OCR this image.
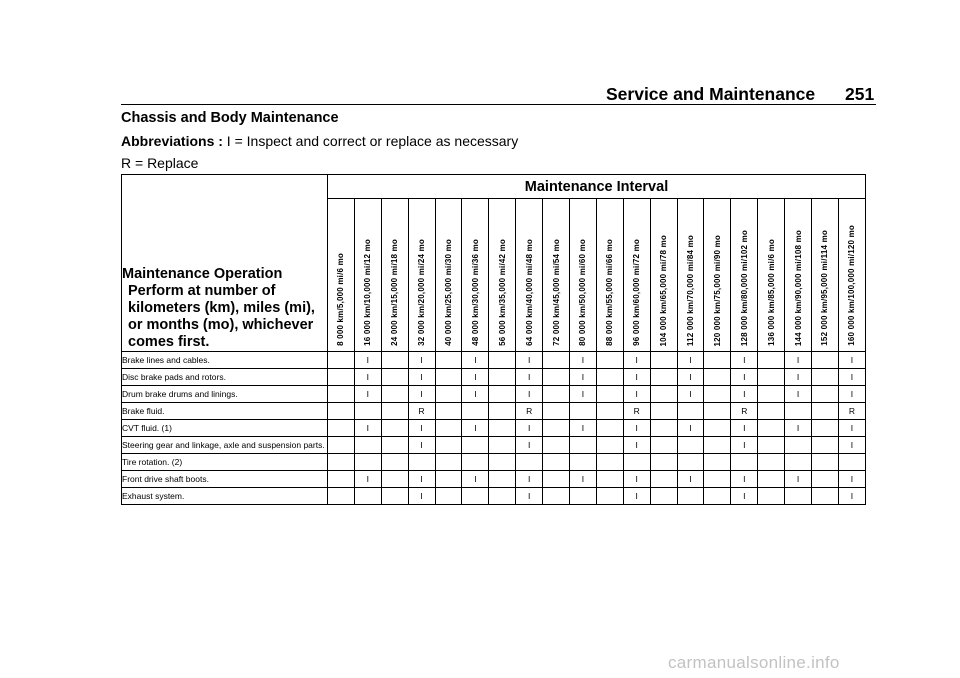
Service and Maintenance 251
Chassis and Body Maintenance
Abbreviations : I = Inspect and correct or replace as necessary
R = Replace
Maintenance Operation
Perform at number of kilometers (km), miles (mi), or months (mo), whichever comes first.	Maintenance Interval																			
	8 000 km/5,000 mi/6 mo	16 000 km/10,000 mi/12 mo	24 000 km/15,000 mi/18 mo	32 000 km/20,000 mi/24 mo	40 000 km/25,000 mi/30 mo	48 000 km/30,000 mi/36 mo	56 000 km/35,000 mi/42 mo	64 000 km/40,000 mi/48 mo	72 000 km/45,000 mi/54 mo	80 000 km/50,000 mi/60 mo	88 000 km/55,000 mi/66 mo	96 000 km/60,000 mi/72 mo	104 000 km/65,000 mi/78 mo	112 000 km/70,000 mi/84 mo	120 000 km/75,000 mi/90 mo	128 000 km/80,000 mi/102 mo	136 000 km/85,000 mi/6 mo	144 000 km/90,000 mi/108 mo	152 000 km/95,000 mi/114 mo	160 000 km/100,000 mi/120 mo
Brake lines and cables.		I		I		I		I		I		I		I		I		I		I
Disc brake pads and rotors.		I		I		I		I		I		I		I		I		I		I
Drum brake drums and linings.		I		I		I		I		I		I		I		I		I		I
Brake fluid.				R				R				R				R				R
CVT fluid. (1)		I		I		I		I		I		I		I		I		I		I
Steering gear and linkage, axle and suspension parts.				I				I				I				I				I
Tire rotation. (2)																				
Front drive shaft boots.		I		I		I		I		I		I		I		I		I		I
Exhaust system.				I				I				I				I				I
carmanualsonline.info
